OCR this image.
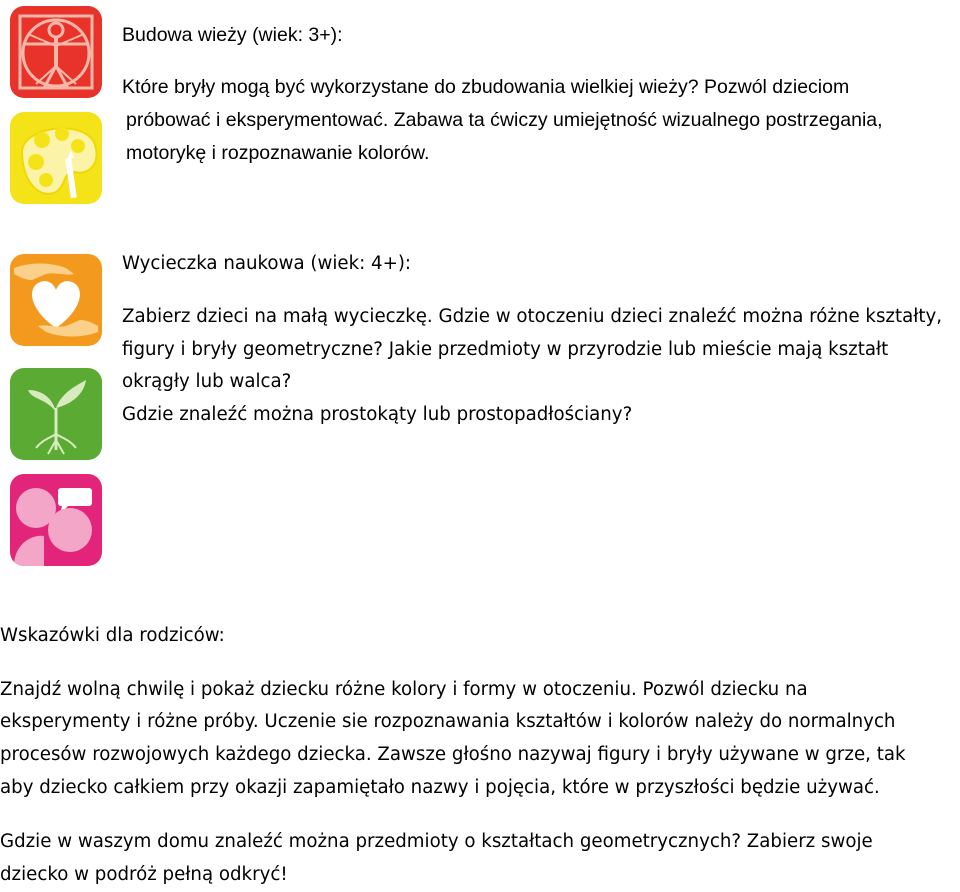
Budowa wieży (wiek: 3+):

Które bryły mogą być wykorzystane do zbudowania wielkiej wieży? Pozwól dzieciom

próbować i eksperymentować. Zabawa ta ćwiczy umiejętność wizualnego postrzegania,

motorykę i rozpoznawanie kolorów.

Wycieczka naukowa (wiek: 4+):

Zabierz dzieci na małą wycieczkę. Gdzie w otoczeniu dzieci znaleźć można różne kształty,

figury i bryły geometryczne? Jakie przedmioty w przyrodzie lub mieście mają kształt

okrągły lub walca?

Gdzie znaleźć można prostokąty lub prostopadłościany?

Wskazówki dla rodziców:

Znajdź wolną chwilę i pokaż dziecku różne kolory i formy w otoczeniu. Pozwól dziecku na

eksperymenty i różne próby. Uczenie sie rozpoznawania kształtów i kolorów należy do normalnych

procesów rozwojowych każdego dziecka. Zawsze głośno nazywaj figury i bryły używane w grze, tak

aby dziecko całkiem przy okazji zapamiętało nazwy i pojęcia, które w przyszłości będzie używać.

Gdzie w waszym domu znaleźć można przedmioty o kształtach geometrycznych? Zabierz swoje

dziecko w podróż pełną odkryć!
